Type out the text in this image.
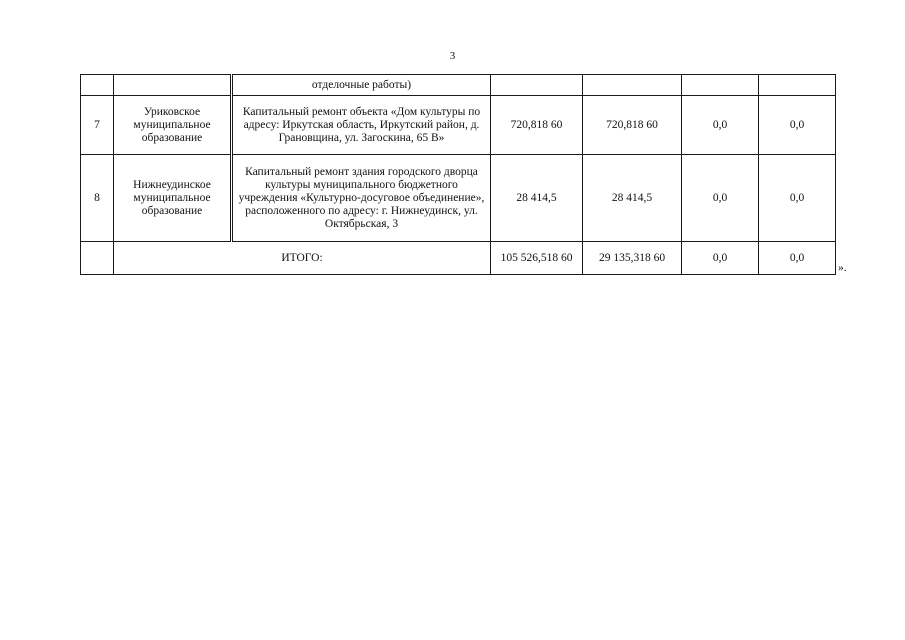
3
		отделочные работы)				
7	Уриковское муниципальное образование	Капитальный ремонт объекта «Дом культуры по адресу: Иркутская область, Иркутский район, д. Грановщина, ул. Загоскина, 65 В»	720,818 60	720,818 60	0,0	0,0
8	Нижнеудинское муниципальное образование	Капитальный ремонт здания городского дворца культуры муниципального бюджетного учреждения «Культурно-досуговое объединение», расположенного по адресу: г. Нижнеудинск, ул. Октябрьская, 3	28 414,5	28 414,5	0,0	0,0
	ИТОГО:		105 526,518 60	29 135,318 60	0,0	0,0
».
